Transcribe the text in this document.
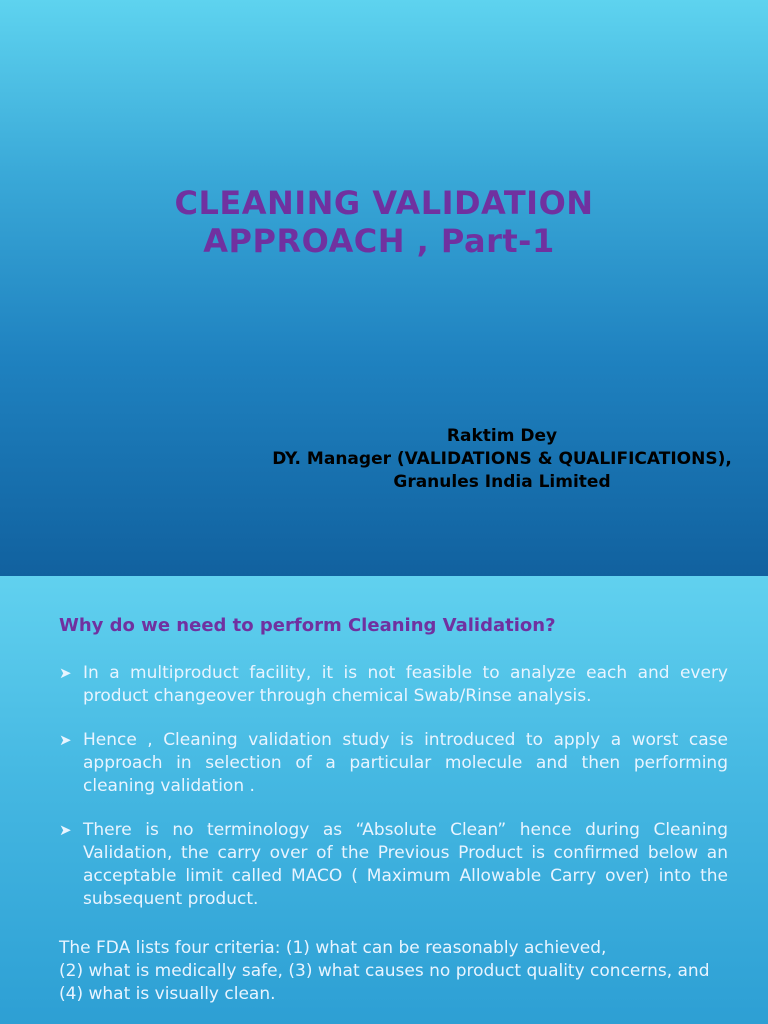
CLEANING VALIDATION
APPROACH , Part-1
Raktim Dey
DY. Manager (VALIDATIONS & QUALIFICATIONS),
Granules India Limited
Why do we need to perform Cleaning Validation?
➤ In a multiproduct facility, it is not feasible to analyze each and every product changeover through chemical Swab/Rinse analysis.
➤ Hence , Cleaning validation study is introduced to apply a worst case approach in selection of a particular molecule and then performing cleaning validation .
➤ There is no terminology as “Absolute Clean” hence during Cleaning Validation, the carry over of the Previous Product is confirmed below an acceptable limit called MACO ( Maximum Allowable Carry over) into the subsequent product.
The FDA lists four criteria: (1) what can be reasonably achieved,
(2) what is medically safe, (3) what causes no product quality concerns, and
(4) what is visually clean.
